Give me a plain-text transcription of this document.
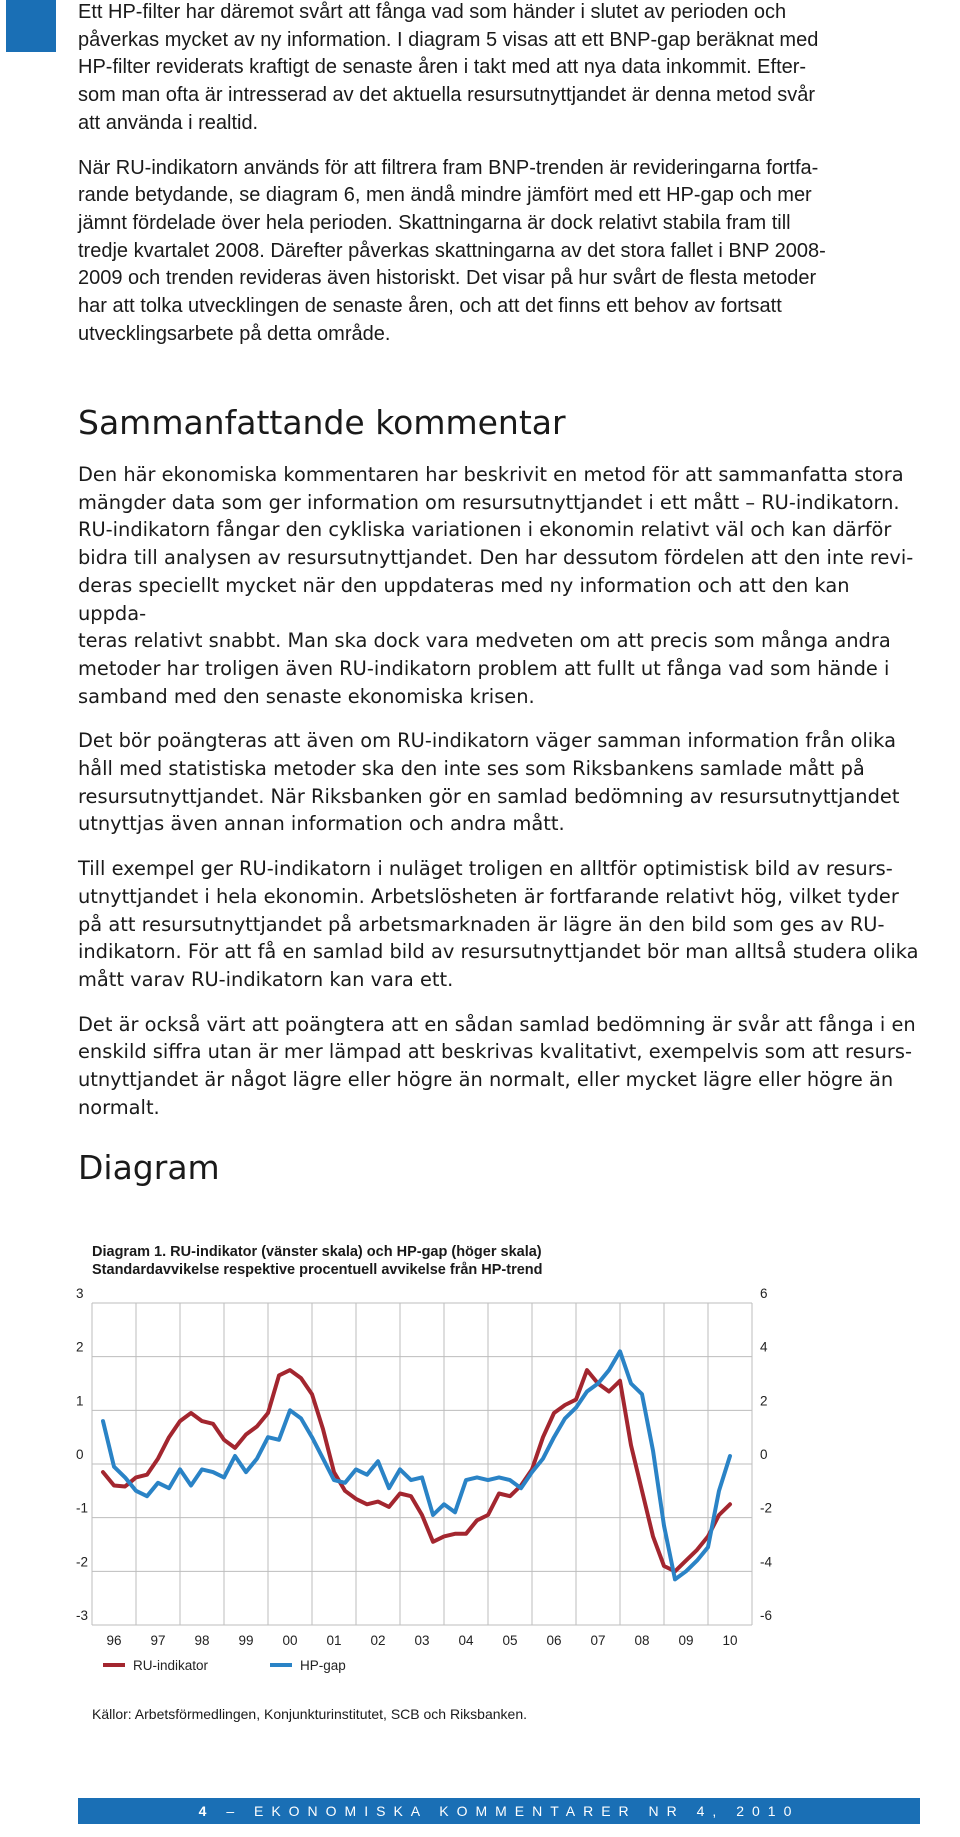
Ett HP-filter har däremot svårt att fånga vad som händer i slutet av perioden och
påverkas mycket av ny information. I diagram 5 visas att ett BNP-gap beräknat med
HP-filter reviderats kraftigt de senaste åren i takt med att nya data inkommit. Efter-
som man ofta är intresserad av det aktuella resursutnyttjandet är denna metod svår
att använda i realtid.

När RU-indikatorn används för att filtrera fram BNP-trenden är revideringarna fortfa-
rande betydande, se diagram 6, men ändå mindre jämfört med ett HP-gap och mer
jämnt fördelade över hela perioden. Skattningarna är dock relativt stabila fram till
tredje kvartalet 2008. Därefter påverkas skattningarna av det stora fallet i BNP 2008-
2009 och trenden revideras även historiskt. Det visar på hur svårt de flesta metoder
har att tolka utvecklingen de senaste åren, och att det finns ett behov av fortsatt
utvecklingsarbete på detta område.

Sammanfattande kommentar

Den här ekonomiska kommentaren har beskrivit en metod för att sammanfatta stora
mängder data som ger information om resursutnyttjandet i ett mått – RU-indikatorn.
RU-indikatorn fångar den cykliska variationen i ekonomin relativt väl och kan därför
bidra till analysen av resursutnyttjandet. Den har dessutom fördelen att den inte revi-
deras speciellt mycket när den uppdateras med ny information och att den kan uppda-
teras relativt snabbt. Man ska dock vara medveten om att precis som många andra
metoder har troligen även RU-indikatorn problem att fullt ut fånga vad som hände i
samband med den senaste ekonomiska krisen.

Det bör poängteras att även om RU-indikatorn väger samman information från olika
håll med statistiska metoder ska den inte ses som Riksbankens samlade mått på
resursutnyttjandet. När Riksbanken gör en samlad bedömning av resursutnyttjandet
utnyttjas även annan information och andra mått.

Till exempel ger RU-indikatorn i nuläget troligen en alltför optimistisk bild av resurs-
utnyttjandet i hela ekonomin. Arbetslösheten är fortfarande relativt hög, vilket tyder
på att resursutnyttjandet på arbetsmarknaden är lägre än den bild som ges av RU-
indikatorn. För att få en samlad bild av resursutnyttjandet bör man alltså studera olika
mått varav RU-indikatorn kan vara ett.

Det är också värt att poängtera att en sådan samlad bedömning är svår att fånga i en
enskild siffra utan är mer lämpad att beskrivas kvalitativt, exempelvis som att resurs-
utnyttjandet är något lägre eller högre än normalt, eller mycket lägre eller högre än
normalt.

Diagram

Diagram 1. RU-indikator (vänster skala) och HP-gap (höger skala)

Standardavvikelse respektive procentuell avvikelse från HP-trend

3
2
1
0
-1
-2
-3
6
4
2
0
-2
-4
-6
96 97 98 99 00 01 02 03 04 05 06 07 08 09 10
RU-indikator	HP-gap
Källor: Arbetsförmedlingen, Konjunkturinstitutet, SCB och Riksbanken.
4 – EKONOMISKA KOMMENTARER NR 4, 2010
